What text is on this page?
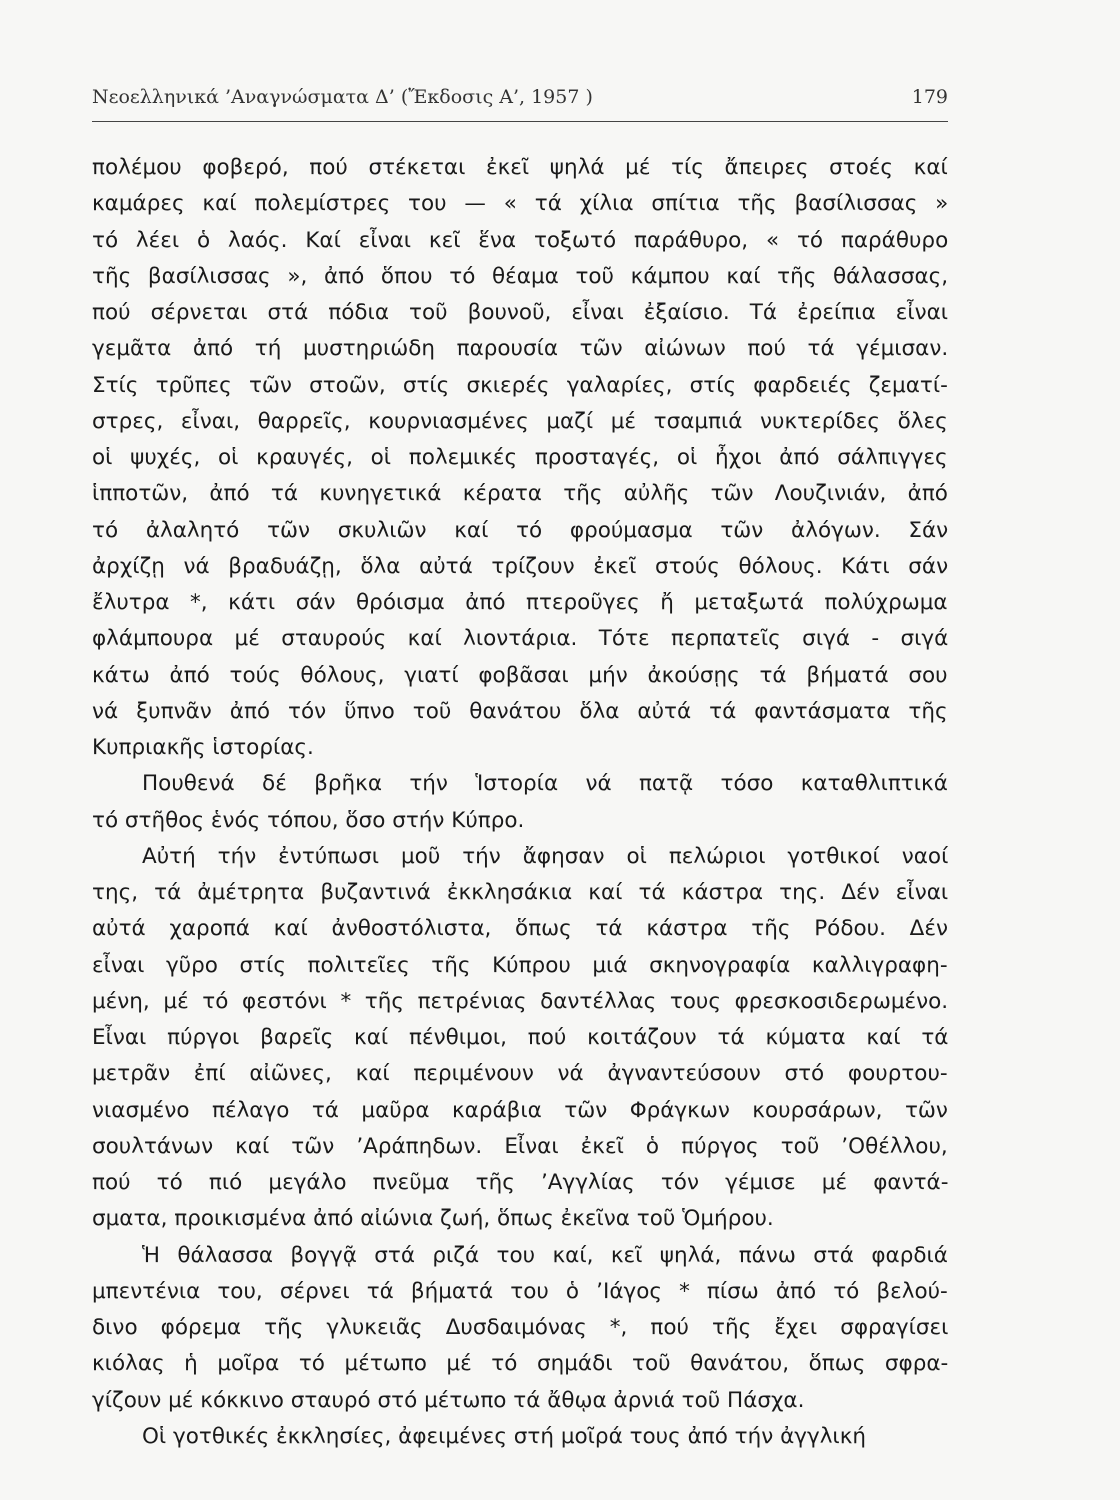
Νεοελληνικά ’Αναγνώσματα Δ’ (Ἔκδοσις Α’, 1957 )	179
πολέμου φοβερό, πού στέκεται ἐκεῖ ψηλά μέ τίς ἄπειρες στοές καί
καμάρες καί πολεμίστρες του — « τά χίλια σπίτια τῆς βασίλισσας »
τό λέει ὁ λαός. Καί εἶναι κεῖ ἕνα τοξωτό παράθυρο, « τό παράθυρο
τῆς βασίλισσας », ἀπό ὅπου τό θέαμα τοῦ κάμπου καί τῆς θάλασσας,
πού σέρνεται στά πόδια τοῦ βουνοῦ, εἶναι ἐξαίσιο. Τά ἐρείπια εἶναι
γεμᾶτα ἀπό τή μυστηριώδη παρουσία τῶν αἰώνων πού τά γέμισαν.
Στίς τρῦπες τῶν στοῶν, στίς σκιερές γαλαρίες, στίς φαρδειές ζεματί-
στρες, εἶναι, θαρρεῖς, κουρνιασμένες μαζί μέ τσαμπιά νυκτερίδες ὅλες
οἱ ψυχές, οἱ κραυγές, οἱ πολεμικές προσταγές, οἱ ἦχοι ἀπό σάλπιγγες
ἱπποτῶν, ἀπό τά κυνηγετικά κέρατα τῆς αὐλῆς τῶν Λουζινιάν, ἀπό
τό ἀλαλητό τῶν σκυλιῶν καί τό φρούμασμα τῶν ἀλόγων. Σάν
ἀρχίζῃ νά βραδυάζῃ, ὅλα αὐτά τρίζουν ἐκεῖ στούς θόλους. Κάτι σάν
ἔλυτρα *, κάτι σάν θρόισμα ἀπό πτεροῦγες ἤ μεταξωτά πολύχρωμα
φλάμπουρα μέ σταυρούς καί λιοντάρια. Τότε περπατεῖς σιγά - σιγά
κάτω ἀπό τούς θόλους, γιατί φοβᾶσαι μήν ἀκούσῃς τά βήματά σου
νά ξυπνᾶν ἀπό τόν ὕπνο τοῦ θανάτου ὅλα αὐτά τά φαντάσματα τῆς
Κυπριακῆς ἱστορίας.
Πουθενά δέ βρῆκα τήν Ἱστορία νά πατᾷ τόσο καταθλιπτικά
τό στῆθος ἑνός τόπου, ὅσο στήν Κύπρο.
Αὐτή τήν ἐντύπωσι μοῦ τήν ἄφησαν οἱ πελώριοι γοτθικοί ναοί
της, τά ἀμέτρητα βυζαντινά ἐκκλησάκια καί τά κάστρα της. Δέν εἶναι
αὐτά χαροπά καί ἀνθοστόλιστα, ὅπως τά κάστρα τῆς Ρόδου. Δέν
εἶναι γῦρο στίς πολιτεῖες τῆς Κύπρου μιά σκηνογραφία καλλιγραφη-
μένη, μέ τό φεστόνι * τῆς πετρένιας δαντέλλας τους φρεσκοσιδερωμένο.
Εἶναι πύργοι βαρεῖς καί πένθιμοι, πού κοιτάζουν τά κύματα καί τά
μετρᾶν ἐπί αἰῶνες, καί περιμένουν νά ἀγναντεύσουν στό φουρτου-
νιασμένο πέλαγο τά μαῦρα καράβια τῶν Φράγκων κουρσάρων, τῶν
σουλτάνων καί τῶν ’Αράπηδων. Εἶναι ἐκεῖ ὁ πύργος τοῦ ’Οθέλλου,
πού τό πιό μεγάλο πνεῦμα τῆς ’Αγγλίας τόν γέμισε μέ φαντά-
σματα, προικισμένα ἀπό αἰώνια ζωή, ὅπως ἐκεῖνα τοῦ Ὁμήρου.
Ἡ θάλασσα βογγᾷ στά ριζά του καί, κεῖ ψηλά, πάνω στά φαρδιά
μπεντένια του, σέρνει τά βήματά του ὁ ’Ιάγος * πίσω ἀπό τό βελού-
δινο φόρεμα τῆς γλυκειᾶς Δυσδαιμόνας *, πού τῆς ἔχει σφραγίσει
κιόλας ἡ μοῖρα τό μέτωπο μέ τό σημάδι τοῦ θανάτου, ὅπως σφρα-
γίζουν μέ κόκκινο σταυρό στό μέτωπο τά ἄθῳα ἀρνιά τοῦ Πάσχα.
Οἱ γοτθικές ἐκκλησίες, ἀφειμένες στή μοῖρά τους ἀπό τήν ἀγγλική
